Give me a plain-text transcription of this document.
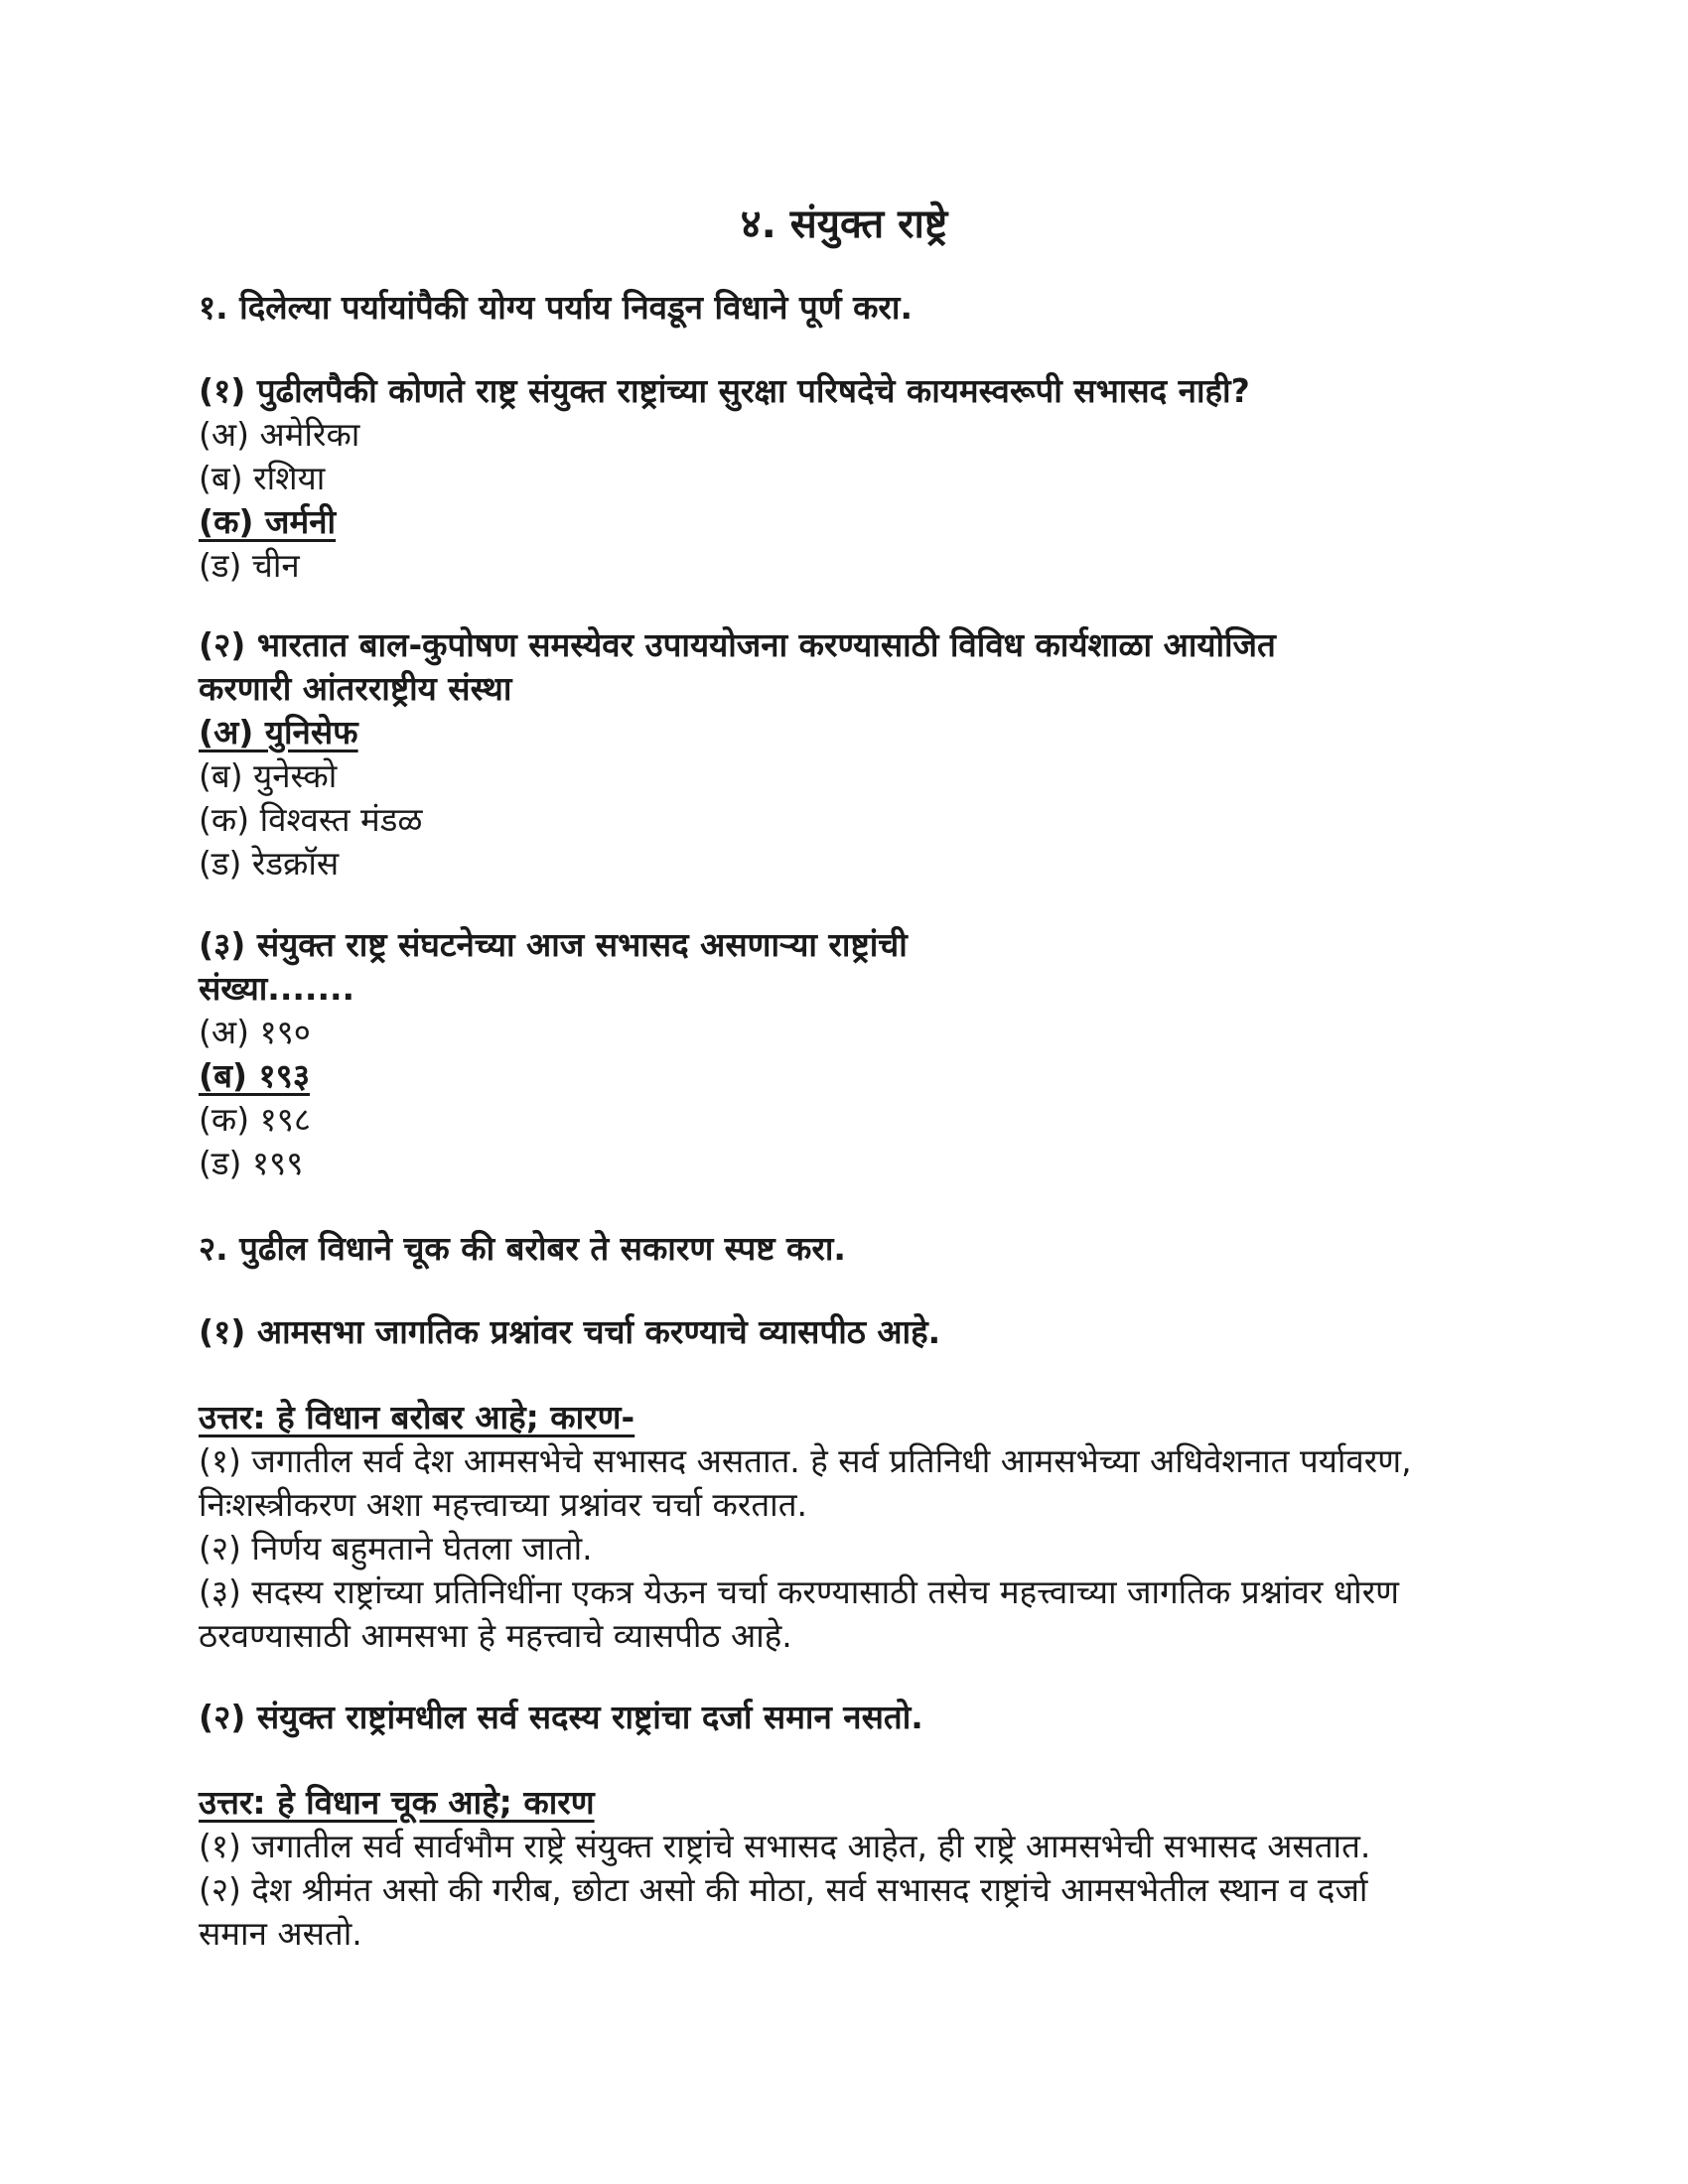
४. संयुक्त राष्ट्रे
१. दिलेल्या पर्यायांपैकी योग्य पर्याय निवडून विधाने पूर्ण करा.
(१) पुढीलपैकी कोणते राष्ट्र संयुक्त राष्ट्रांच्या सुरक्षा परिषदेचे कायमस्वरूपी सभासद नाही?
(अ) अमेरिका
(ब) रशिया
(क) जर्मनी
(ड) चीन
(२) भारतात बाल-कुपोषण समस्येवर उपाययोजना करण्यासाठी विविध कार्यशाळा आयोजित
करणारी आंतरराष्ट्रीय संस्था
(अ) युनिसेफ
(ब) युनेस्को
(क) विश्वस्त मंडळ
(ड) रेडक्रॉस
(३) संयुक्त राष्ट्र संघटनेच्या आज सभासद असणाऱ्या राष्ट्रांची
संख्या.......
(अ) १९०
(ब) १९३
(क) १९८
(ड) १९९
२. पुढील विधाने चूक की बरोबर ते सकारण स्पष्ट करा.
(१) आमसभा जागतिक प्रश्नांवर चर्चा करण्याचे व्यासपीठ आहे.
उत्तर: हे विधान बरोबर आहे; कारण-
(१) जगातील सर्व देश आमसभेचे सभासद असतात. हे सर्व प्रतिनिधी आमसभेच्या अधिवेशनात पर्यावरण,
निःशस्त्रीकरण अशा महत्त्वाच्या प्रश्नांवर चर्चा करतात.
(२) निर्णय बहुमताने घेतला जातो.
(३) सदस्य राष्ट्रांच्या प्रतिनिधींना एकत्र येऊन चर्चा करण्यासाठी तसेच महत्त्वाच्या जागतिक प्रश्नांवर धोरण
ठरवण्यासाठी आमसभा हे महत्त्वाचे व्यासपीठ आहे.
(२) संयुक्त राष्ट्रांमधील सर्व सदस्य राष्ट्रांचा दर्जा समान नसतो.
उत्तर: हे विधान चूक आहे; कारण
(१) जगातील सर्व सार्वभौम राष्ट्रे संयुक्त राष्ट्रांचे सभासद आहेत, ही राष्ट्रे आमसभेची सभासद असतात.
(२) देश श्रीमंत असो की गरीब, छोटा असो की मोठा, सर्व सभासद राष्ट्रांचे आमसभेतील स्थान व दर्जा
समान असतो.
